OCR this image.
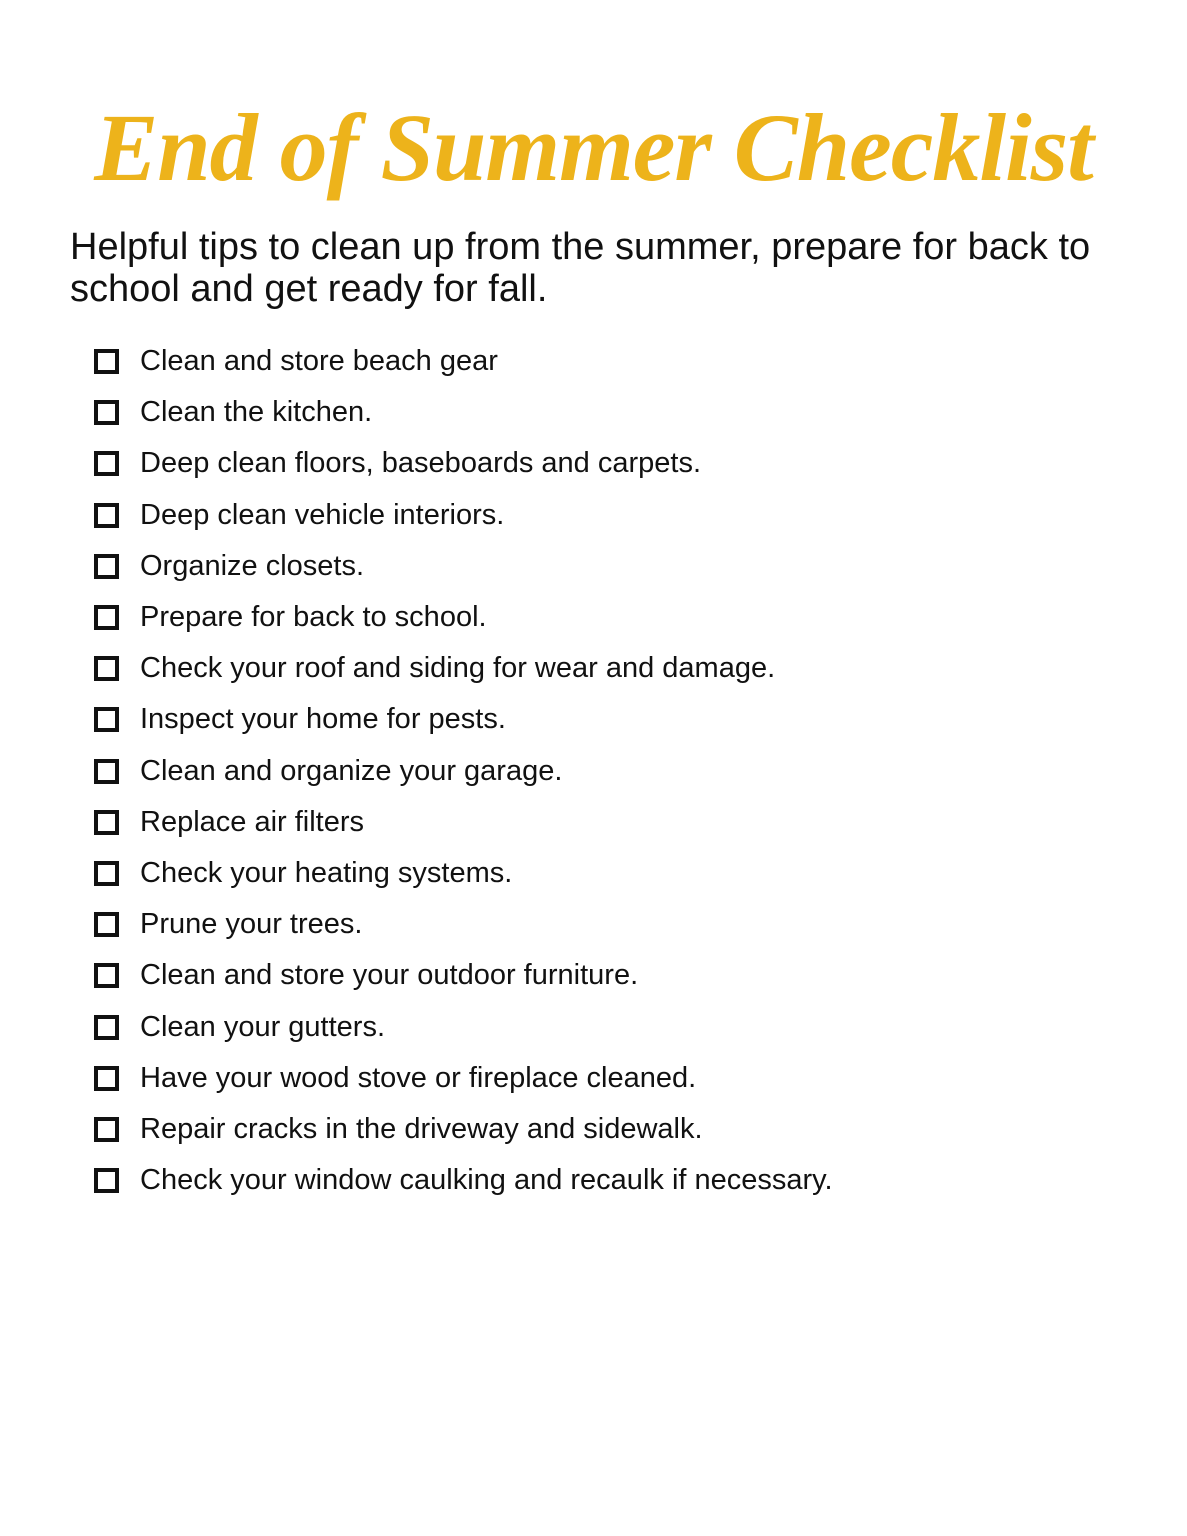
End of Summer Checklist
Helpful tips to clean up from the summer, prepare for back to school and get ready for fall.
Clean and store beach gear
Clean the kitchen.
Deep clean floors, baseboards and carpets.
Deep clean vehicle interiors.
Organize closets.
Prepare for back to school.
Check your roof and siding for wear and damage.
Inspect your home for pests.
Clean and organize your garage.
Replace air filters
Check your heating systems.
Prune your trees.
Clean and store your outdoor furniture.
Clean your gutters.
Have your wood stove or fireplace cleaned.
Repair cracks in the driveway and sidewalk.
Check your window caulking and recaulk if necessary.
